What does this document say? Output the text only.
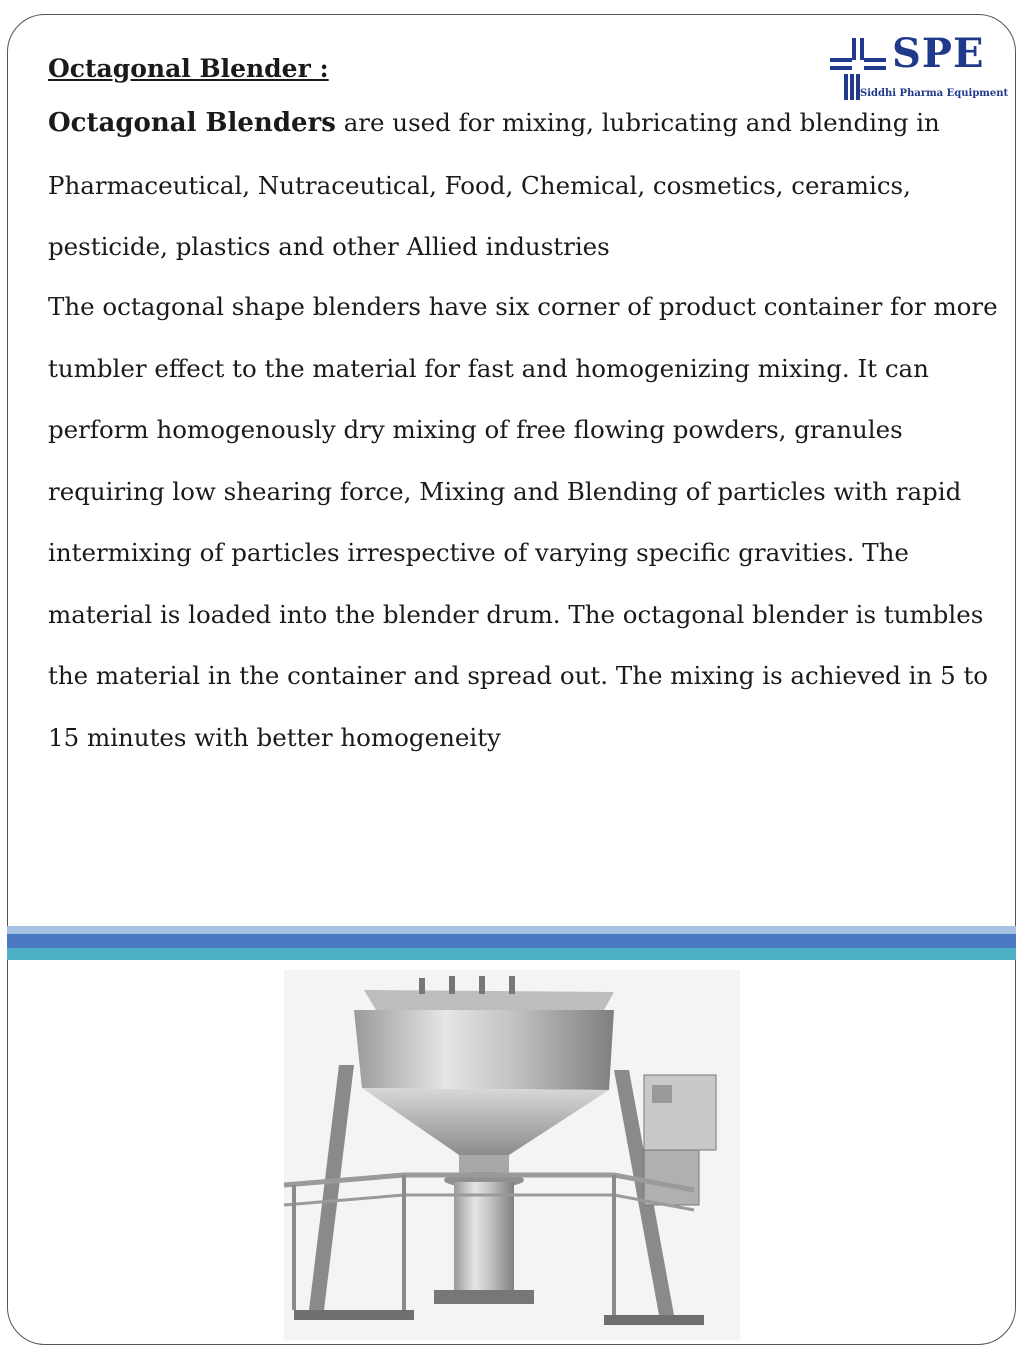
SPE
Siddhi Pharma Equipment
Octagonal Blender :
Octagonal Blenders are used for mixing, lubricating and blending in Pharmaceutical, Nutraceutical, Food, Chemical, cosmetics, ceramics, pesticide, plastics and other Allied industries
The octagonal shape blenders have six corner of product container for more tumbler effect to the material for fast and homogenizing mixing. It can perform homogenously dry mixing of free flowing powders, granules requiring low shearing force, Mixing and Blending of particles with rapid intermixing of particles irrespective of varying specific gravities. The material is loaded into the blender drum. The octagonal blender is tumbles the material in the container and spread out. The mixing is achieved in 5 to 15 minutes with better homogeneity
